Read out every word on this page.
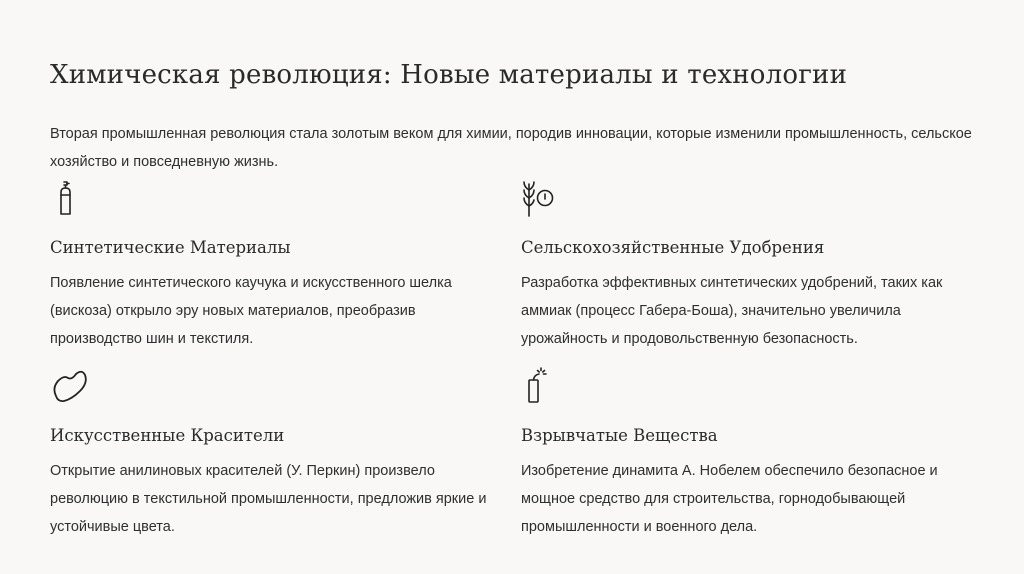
Химическая революция: Новые материалы и технологии
Вторая промышленная революция стала золотым веком для химии, породив инновации, которые изменили промышленность, сельское хозяйство и повседневную жизнь.
Синтетические Материалы
Появление синтетического каучука и искусственного шелка (вискоза) открыло эру новых материалов, преобразив производство шин и текстиля.
Сельскохозяйственные Удобрения
Разработка эффективных синтетических удобрений, таких как аммиак (процесс Габера-Боша), значительно увеличила урожайность и продовольственную безопасность.
Искусственные Красители
Открытие анилиновых красителей (У. Перкин) произвело революцию в текстильной промышленности, предложив яркие и устойчивые цвета.
Взрывчатые Вещества
Изобретение динамита А. Нобелем обеспечило безопасное и мощное средство для строительства, горнодобывающей промышленности и военного дела.
